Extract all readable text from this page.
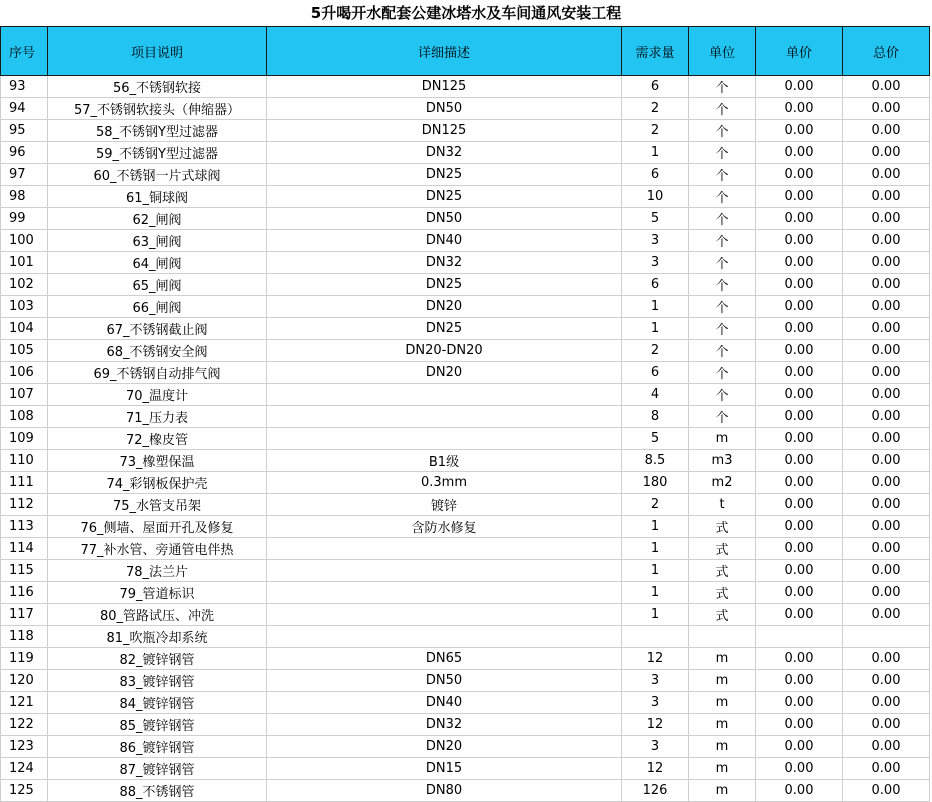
5升喝开水配套公建冰塔水及车间通风安装工程
序号	项目说明	详细描述	需求量	单位	单价	总价
93	56_不锈钢软接	DN125	6	个	0.00	0.00
94	57_不锈钢软接头（伸缩器）	DN50	2	个	0.00	0.00
95	58_不锈钢Y型过滤器	DN125	2	个	0.00	0.00
96	59_不锈钢Y型过滤器	DN32	1	个	0.00	0.00
97	60_不锈钢一片式球阀	DN25	6	个	0.00	0.00
98	61_铜球阀	DN25	10	个	0.00	0.00
99	62_闸阀	DN50	5	个	0.00	0.00
100	63_闸阀	DN40	3	个	0.00	0.00
101	64_闸阀	DN32	3	个	0.00	0.00
102	65_闸阀	DN25	6	个	0.00	0.00
103	66_闸阀	DN20	1	个	0.00	0.00
104	67_不锈钢截止阀	DN25	1	个	0.00	0.00
105	68_不锈钢安全阀	DN20-DN20	2	个	0.00	0.00
106	69_不锈钢自动排气阀	DN20	6	个	0.00	0.00
107	70_温度计		4	个	0.00	0.00
108	71_压力表		8	个	0.00	0.00
109	72_橡皮管		5	m	0.00	0.00
110	73_橡塑保温	B1级	8.5	m3	0.00	0.00
111	74_彩钢板保护壳	0.3mm	180	m2	0.00	0.00
112	75_水管支吊架	镀锌	2	t	0.00	0.00
113	76_侧墙、屋面开孔及修复	含防水修复	1	式	0.00	0.00
114	77_补水管、旁通管电伴热		1	式	0.00	0.00
115	78_法兰片		1	式	0.00	0.00
116	79_管道标识		1	式	0.00	0.00
117	80_管路试压、冲洗		1	式	0.00	0.00
118	81_吹瓶冷却系统					
119	82_镀锌钢管	DN65	12	m	0.00	0.00
120	83_镀锌钢管	DN50	3	m	0.00	0.00
121	84_镀锌钢管	DN40	3	m	0.00	0.00
122	85_镀锌钢管	DN32	12	m	0.00	0.00
123	86_镀锌钢管	DN20	3	m	0.00	0.00
124	87_镀锌钢管	DN15	12	m	0.00	0.00
125	88_不锈钢管	DN80	126	m	0.00	0.00
